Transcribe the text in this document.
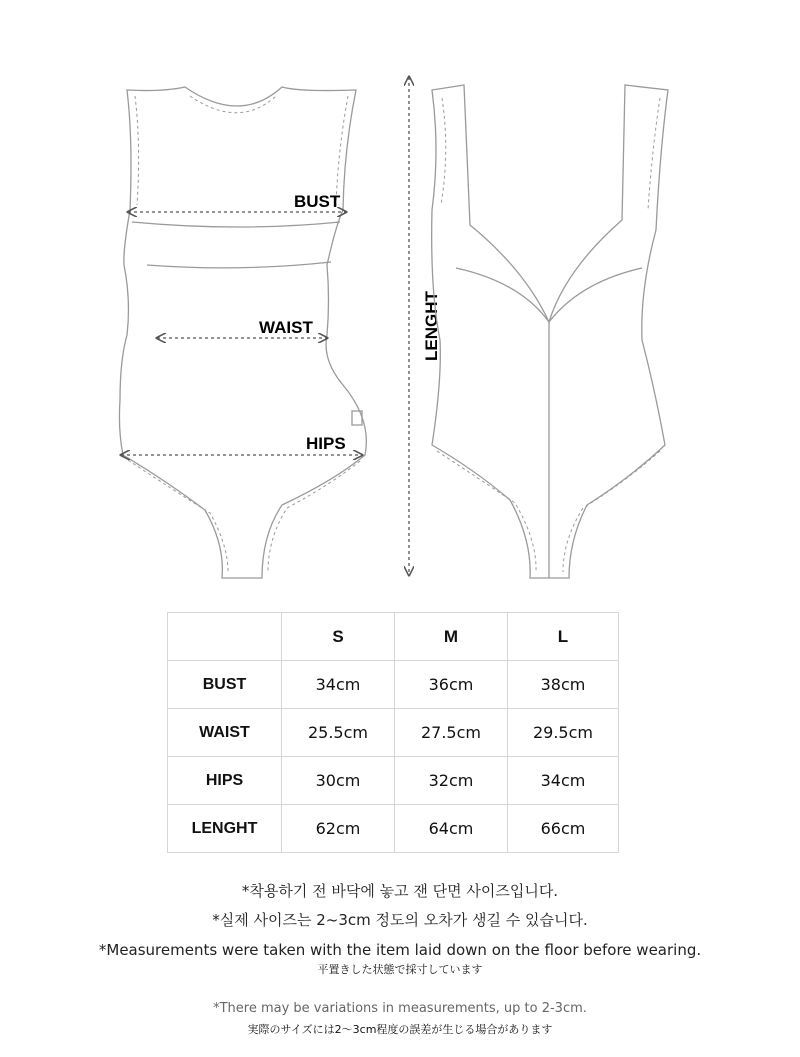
BUST
WAIST
HIPS
LENGHT
	S	M	L
BUST	34cm	36cm	38cm
WAIST	25.5cm	27.5cm	29.5cm
HIPS	30cm	32cm	34cm
LENGHT	62cm	64cm	66cm
*착용하기 전 바닥에 놓고 잰 단면 사이즈입니다.
*실제 사이즈는 2~3cm 정도의 오차가 생길 수 있습니다.
*Measurements were taken with the item laid down on the floor before wearing.
平置きした状態で採寸しています
*There may be variations in measurements, up to 2-3cm.
実際のサイズには2〜3cm程度の誤差が生じる場合があります
